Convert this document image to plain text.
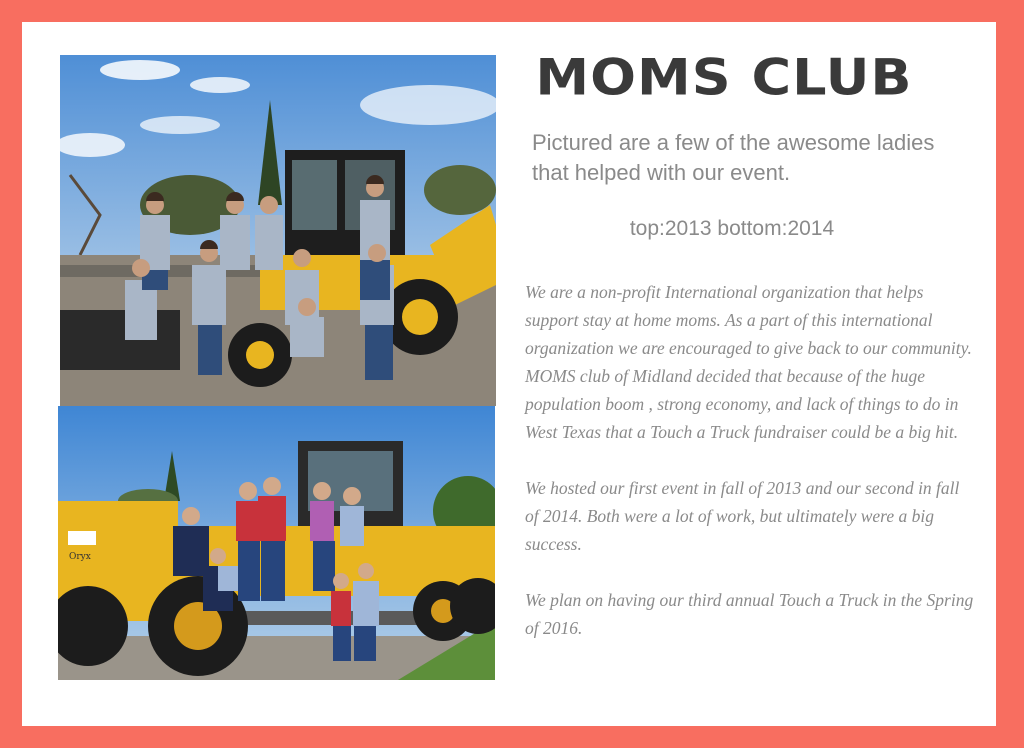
Oryx
MOMS CLUB
Pictured are a few of the awesome ladies that helped with our event.
top:2013 bottom:2014

We are a non-profit International organization that helps support stay at home moms. As a part of this international organization we are encouraged to give back to our community.  MOMS club of Midland decided that because of the huge population boom , strong economy, and lack of things to do in West Texas that a Touch a Truck fundraiser could be a big hit.

We hosted our first event in fall of 2013 and our second in fall of 2014. Both were a lot of work, but ultimately were a big success.

We plan on having our third annual Touch a Truck in the Spring of 2016.
